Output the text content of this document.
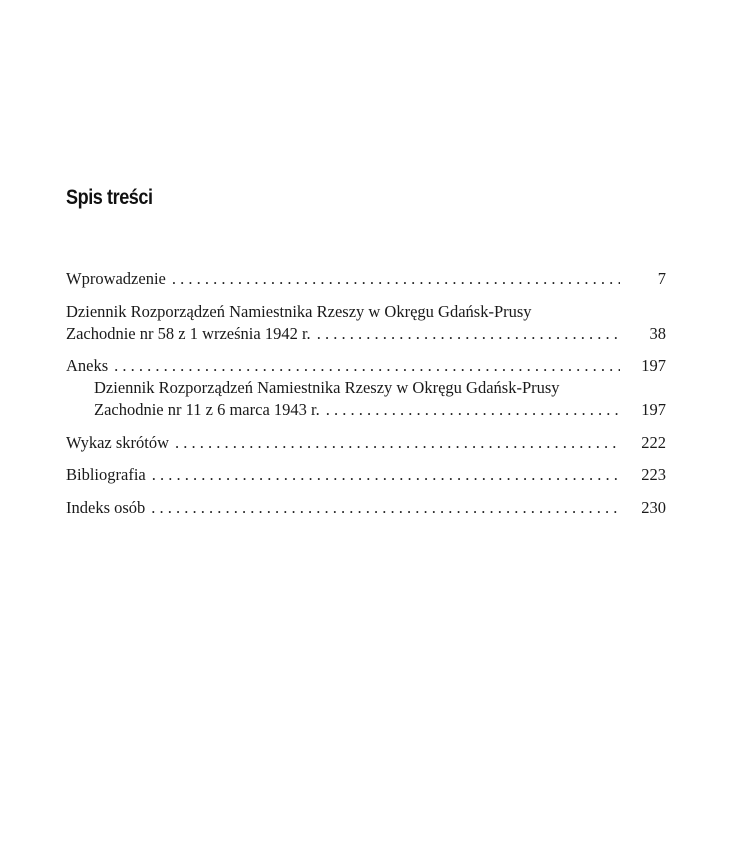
Spis treści
Wprowadzenie . . .	7
Dziennik Rozporządzeń Namiestnika Rzeszy w Okręgu Gdańsk-Prusy
Zachodnie nr 58 z 1 września 1942 r. . . .	38
Aneks . . .	197
Dziennik Rozporządzeń Namiestnika Rzeszy w Okręgu Gdańsk-Prusy
Zachodnie nr 11 z 6 marca 1943 r. . . .	197
Wykaz skrótów . . .	222
Bibliografia . . .	223
Indeks osób . . .	230
